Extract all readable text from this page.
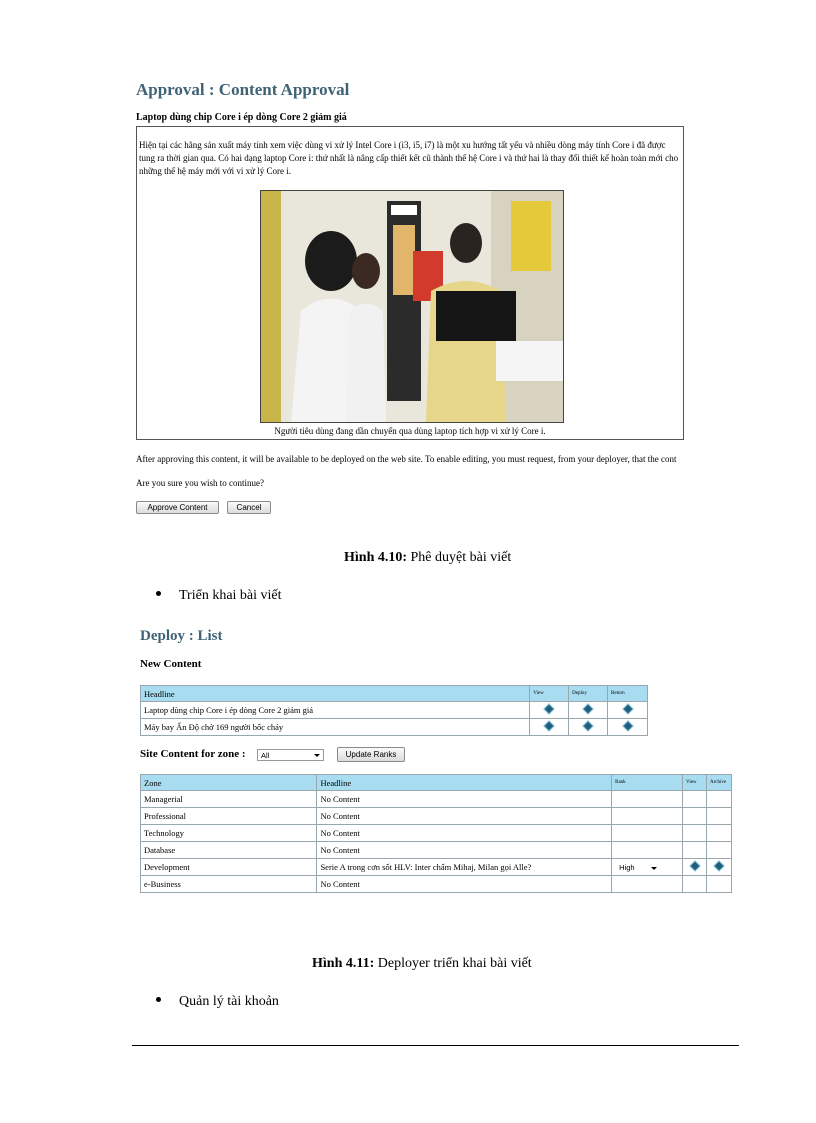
Approval : Content Approval
Laptop dùng chip Core i ép dòng Core 2 giảm giá
Hiện tại các hãng sản xuất máy tính xem việc dùng vi xử lý Intel Core i (i3, i5, i7) là một xu hướng tất yếu và nhiều dòng máy tính Core i đã được tung ra thời gian qua. Có hai dạng laptop Core i: thứ nhất là nâng cấp thiết kết cũ thành thế hệ Core i và thứ hai là thay đổi thiết kế hoàn toàn mới cho những thế hệ máy mới với vi xử lý Core i.
Người tiêu dùng đang dần chuyển qua dùng laptop tích hợp vi xử lý Core i.
After approving this content, it will be available to be deployed on the web site. To enable editing, you must request, from your deployer, that the cont
Are you sure you wish to continue?
Approve Content	Cancel
Hình 4.10: Phê duyệt bài viết
Triển khai bài viết
Deploy : List
New Content
Headline	View	Deploy	Return
Laptop dùng chip Core i ép dòng Core 2 giảm giá			
Máy bay Ấn Độ chở 169 người bốc cháy			
Site Content for zone :	All	Update Ranks
Zone	Headline	Rank	View	Archive
Managerial	No Content			
Professional	No Content			
Technology	No Content			
Database	No Content			
Development	Serie A trong cơn sốt HLV: Inter chấm Mihaj, Milan gọi Alle?	High

e-Business	No Content			
Hình 4.11: Deployer triển khai bài viết
Quản lý tài khoản
